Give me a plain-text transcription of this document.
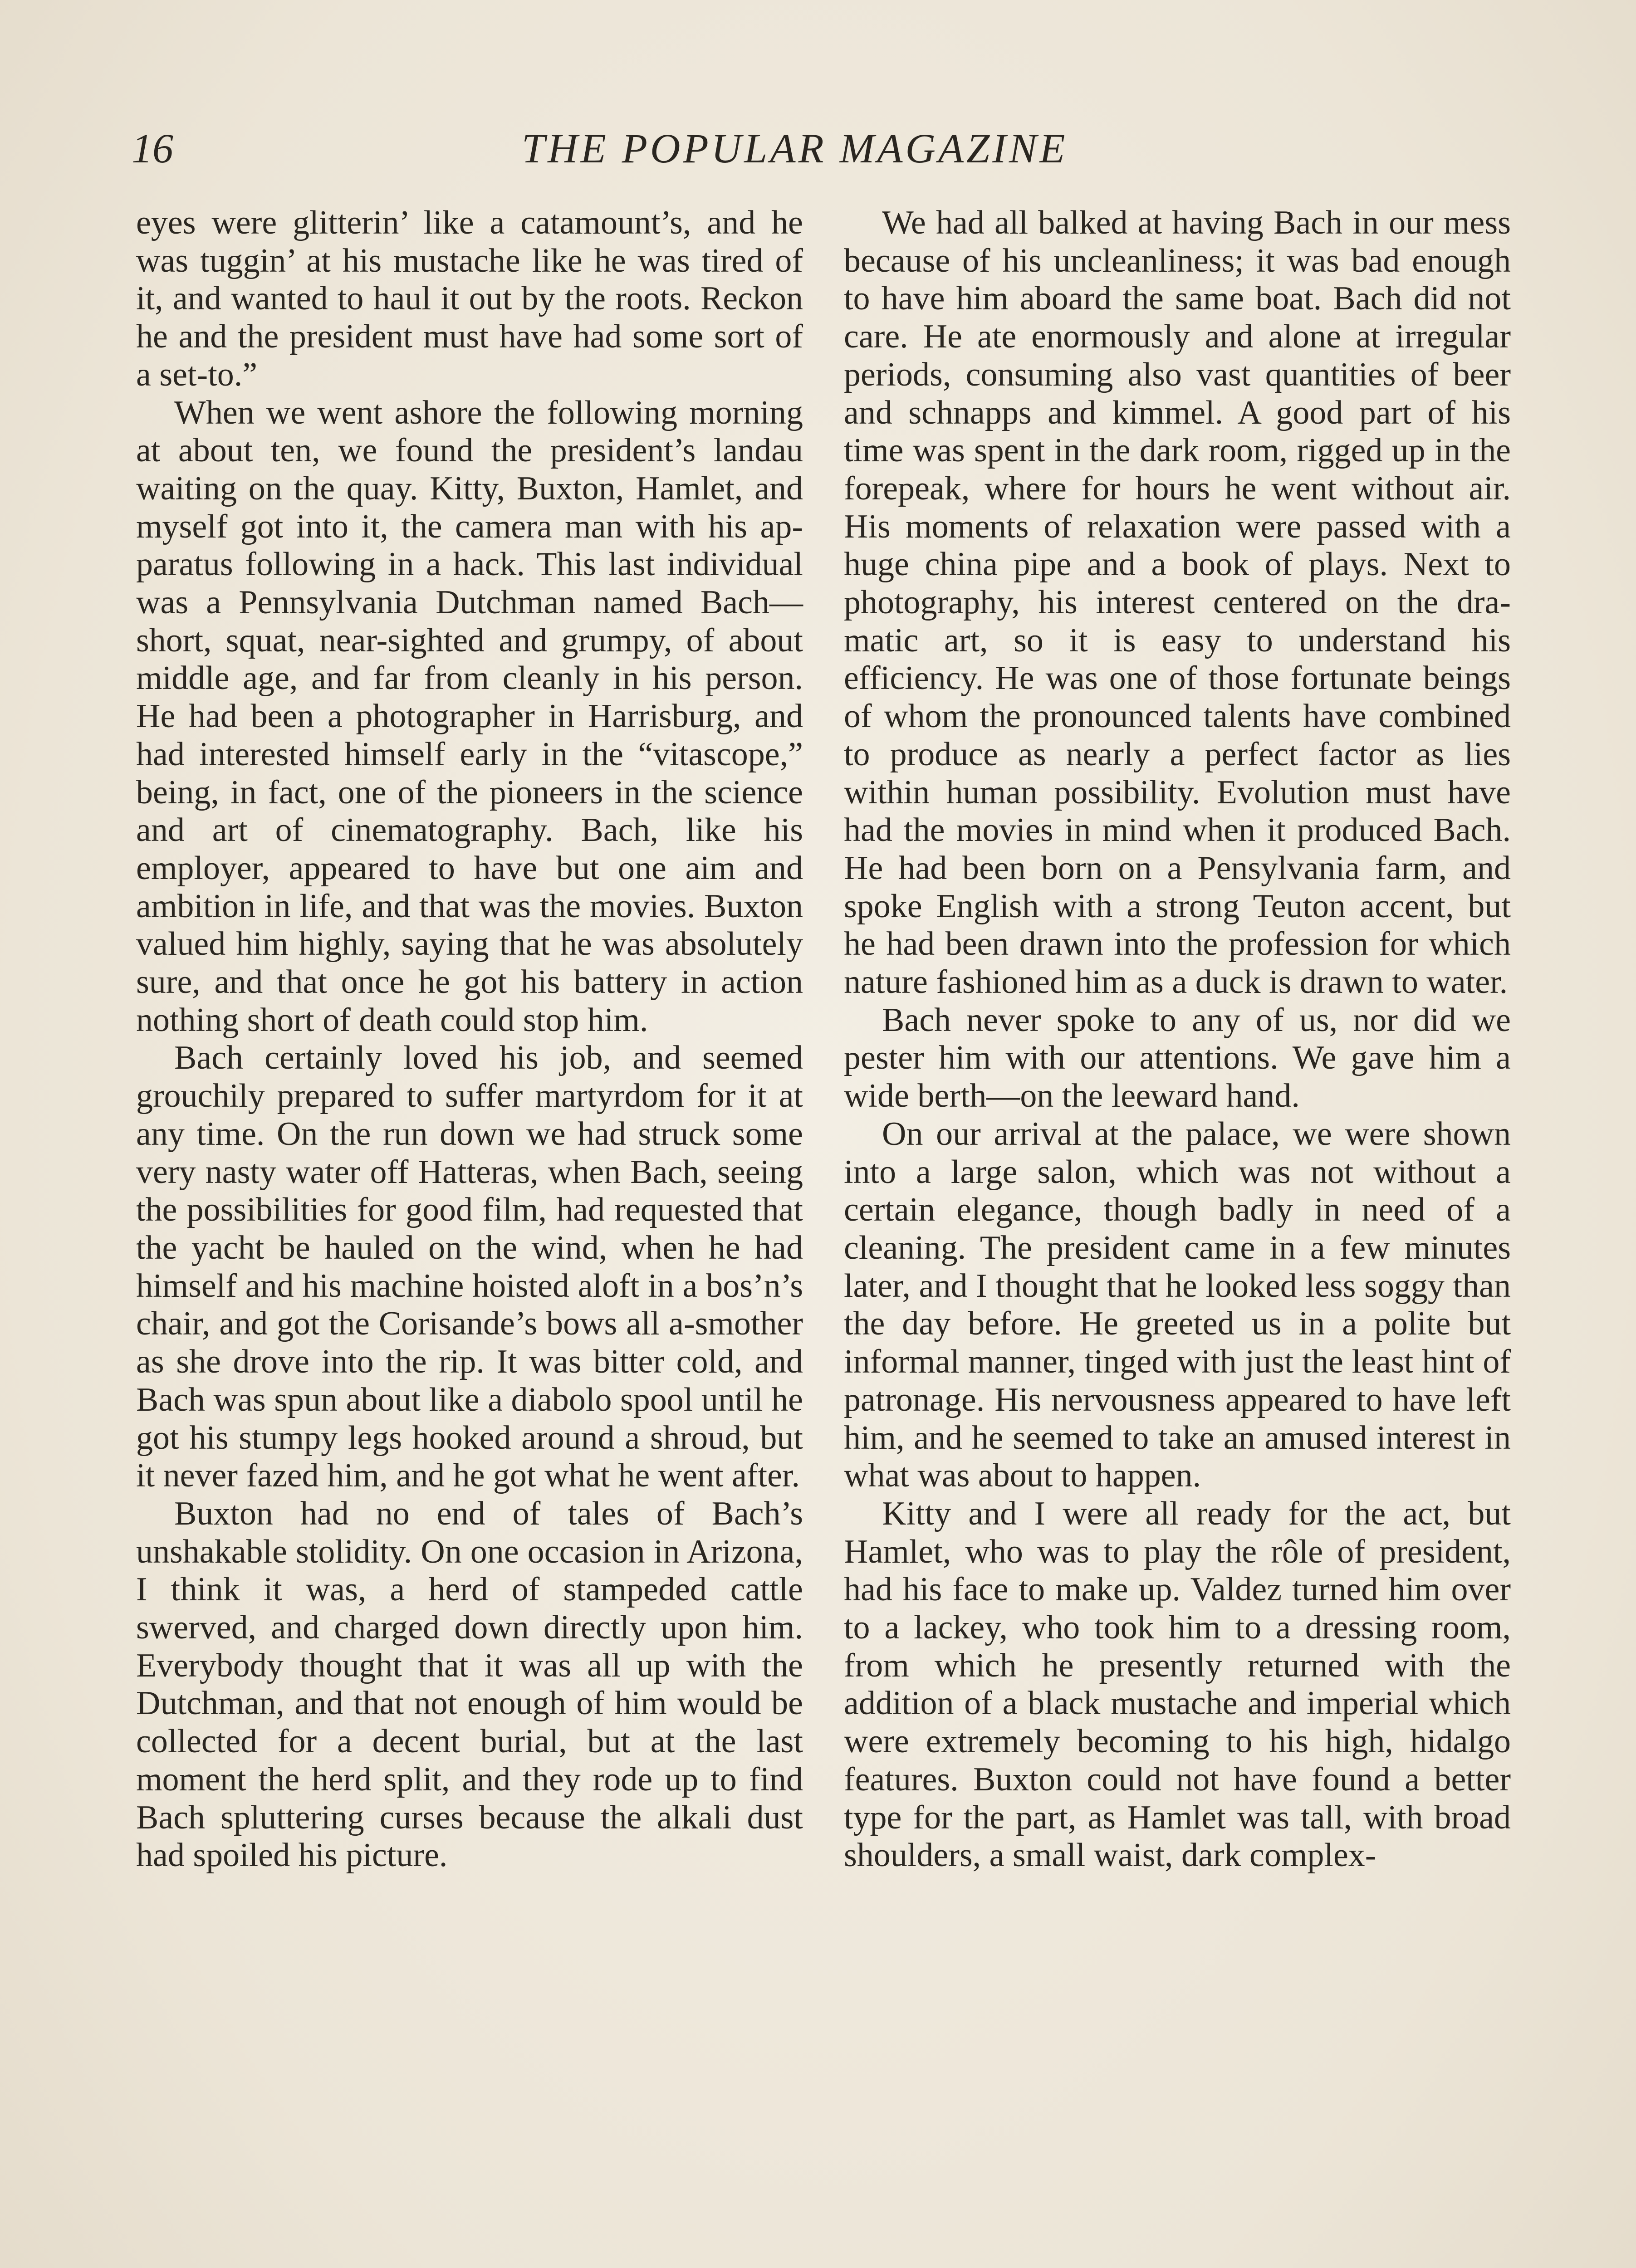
16	THE POPULAR MAGAZINE

eyes were glitterin’ like a catamount’s, and he was tuggin’ at his mustache like he was tired of it, and wanted to haul it out by the roots. Reckon he and the president must have had some sort of a set-to.”

When we went ashore the following morning at about ten, we found the president’s landau waiting on the quay. Kitty, Buxton, Hamlet, and myself got into it, the camera man with his apparatus following in a hack. This last individual was a Pennsylvania Dutchman named Bach—short, squat, near-sighted and grumpy, of about middle age, and far from cleanly in his person. He had been a photographer in Harrisburg, and had interested himself early in the “vitascope,” being, in fact, one of the pioneers in the science and art of cinematography. Bach, like his employer, appeared to have but one aim and ambition in life, and that was the movies. Buxton valued him highly, saying that he was absolutely sure, and that once he got his battery in action nothing short of death could stop him.

Bach certainly loved his job, and seemed grouchily prepared to suffer martyrdom for it at any time. On the run down we had struck some very nasty water off Hatteras, when Bach, seeing the possibilities for good film, had requested that the yacht be hauled on the wind, when he had himself and his machine hoisted aloft in a bos’n’s chair, and got the Corisande’s bows all a-smother as she drove into the rip. It was bitter cold, and Bach was spun about like a diabolo spool until he got his stumpy legs hooked around a shroud, but it never fazed him, and he got what he went after.

Buxton had no end of tales of Bach’s unshakable stolidity. On one occasion in Arizona, I think it was, a herd of stampeded cattle swerved, and charged down directly upon him. Everybody thought that it was all up with the Dutchman, and that not enough of him would be collected for a decent burial, but at the last moment the herd split, and they rode up to find Bach spluttering curses because the alkali dust had spoiled his picture.

We had all balked at having Bach in our mess because of his uncleanliness; it was bad enough to have him aboard the same boat. Bach did not care. He ate enormously and alone at irregular periods, consuming also vast quantities of beer and schnapps and kimmel. A good part of his time was spent in the dark room, rigged up in the forepeak, where for hours he went without air. His moments of relaxation were passed with a huge china pipe and a book of plays. Next to photography, his interest centered on the dramatic art, so it is easy to understand his efficiency. He was one of those fortunate beings of whom the pronounced talents have combined to produce as nearly a perfect factor as lies within human possibility. Evolution must have had the movies in mind when it produced Bach. He had been born on a Pensylvania farm, and spoke English with a strong Teuton accent, but he had been drawn into the profession for which nature fashioned him as a duck is drawn to water.

Bach never spoke to any of us, nor did we pester him with our attentions. We gave him a wide berth—on the leeward hand.

On our arrival at the palace, we were shown into a large salon, which was not without a certain elegance, though badly in need of a cleaning. The president came in a few minutes later, and I thought that he looked less soggy than the day before. He greeted us in a polite but informal manner, tinged with just the least hint of patronage. His nervousness appeared to have left him, and he seemed to take an amused interest in what was about to happen.

Kitty and I were all ready for the act, but Hamlet, who was to play the rôle of president, had his face to make up. Valdez turned him over to a lackey, who took him to a dressing room, from which he presently returned with the addition of a black mustache and imperial which were extremely becoming to his high, hidalgo features. Buxton could not have found a better type for the part, as Hamlet was tall, with broad shoulders, a small waist, dark complex-
